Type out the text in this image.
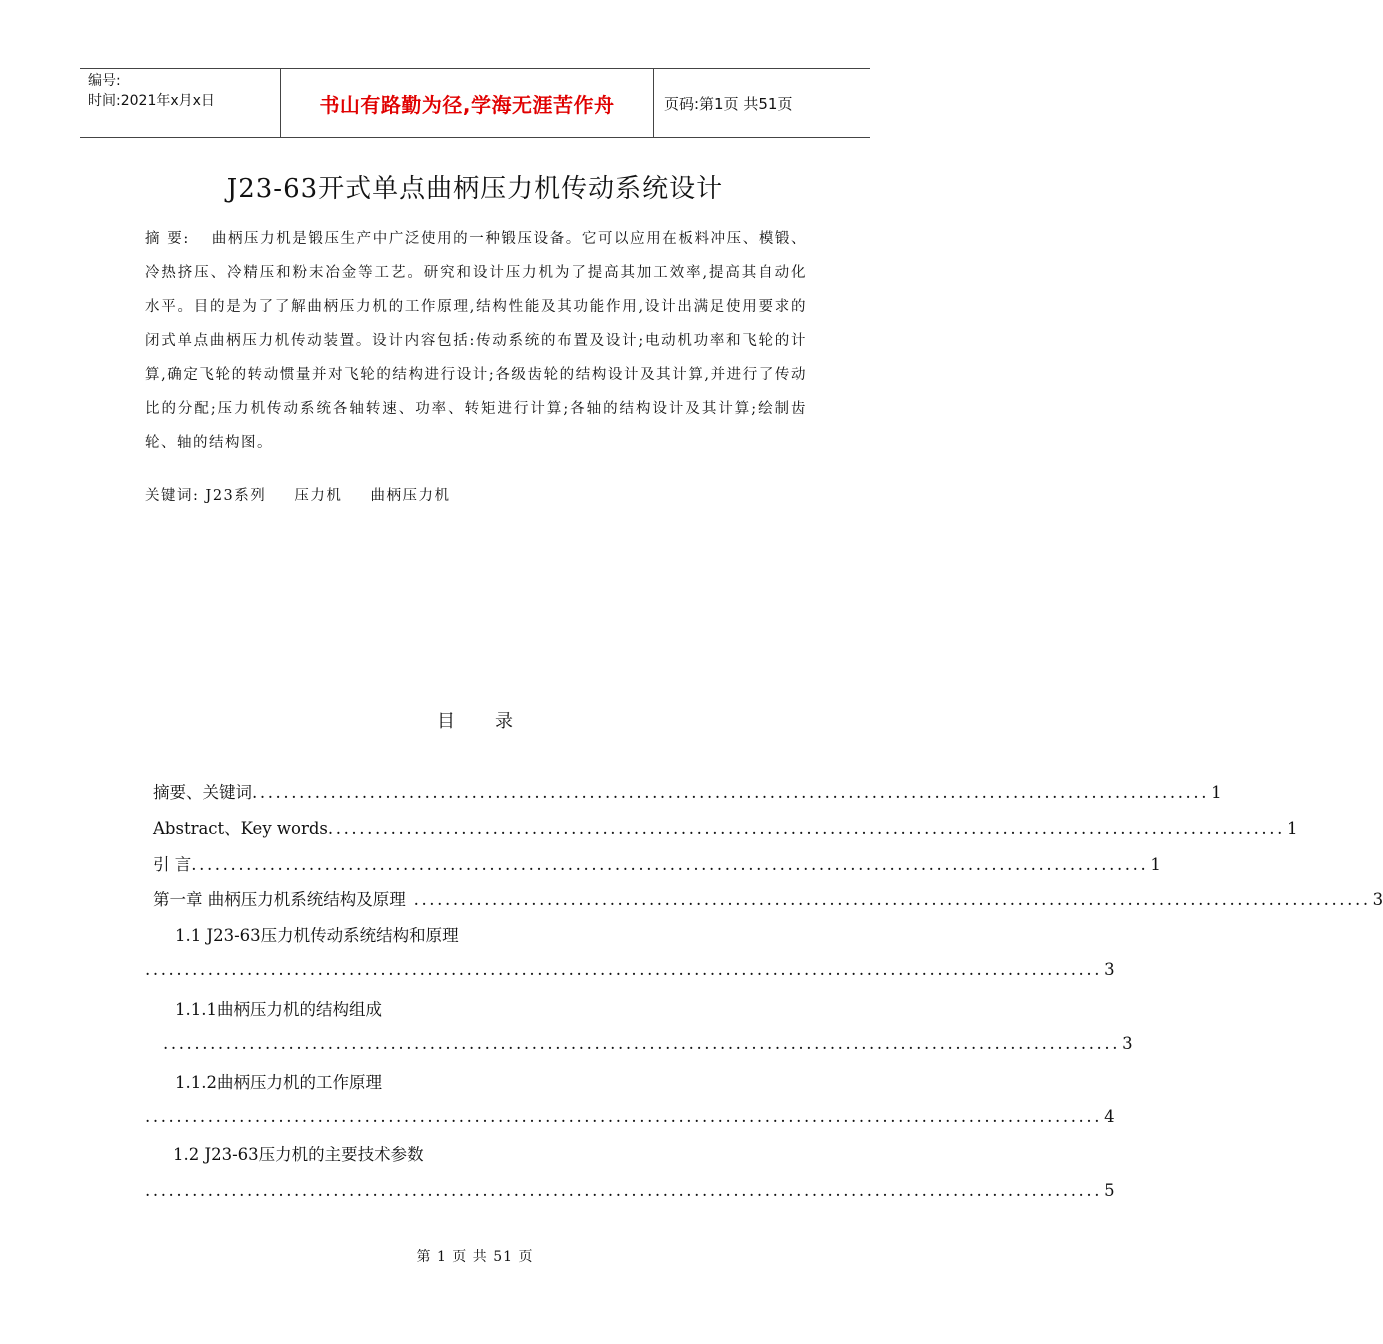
编号:
时间:2021年x月x日	书山有路勤为径,学海无涯苦作舟	页码:第1页 共51页
J23-63开式单点曲柄压力机传动系统设计
摘 要: 曲柄压力机是锻压生产中广泛使用的一种锻压设备。它可以应用在板料冲压、模锻、冷热挤压、冷精压和粉末冶金等工艺。研究和设计压力机为了提高其加工效率,提高其自动化水平。目的是为了了解曲柄压力机的工作原理,结构性能及其功能作用,设计出满足使用要求的闭式单点曲柄压力机传动装置。设计内容包括:传动系统的布置及设计;电动机功率和飞轮的计算,确定飞轮的转动惯量并对飞轮的结构进行设计;各级齿轮的结构设计及其计算,并进行了传动比的分配;压力机传动系统各轴转速、功率、转矩进行计算;各轴的结构设计及其计算;绘制齿轮、轴的结构图。
关键词: J23系列 压力机 曲柄压力机
目录
摘要、关键词 .......................................................................................................................... 1
Abstract、Key words .......................................................................................................................... 1
引 言 .......................................................................................................................... 1
第一章 曲柄压力机系统结构及原理 .......................................................................................................................... 3
1.1 J23-63压力机传动系统结构和原理
.......................................................................................................................... 3
1.1.1曲柄压力机的结构组成
.......................................................................................................................... 3
1.1.2曲柄压力机的工作原理
.......................................................................................................................... 4
1.2 J23-63压力机的主要技术参数
.......................................................................................................................... 5
第 1 页 共 51 页
